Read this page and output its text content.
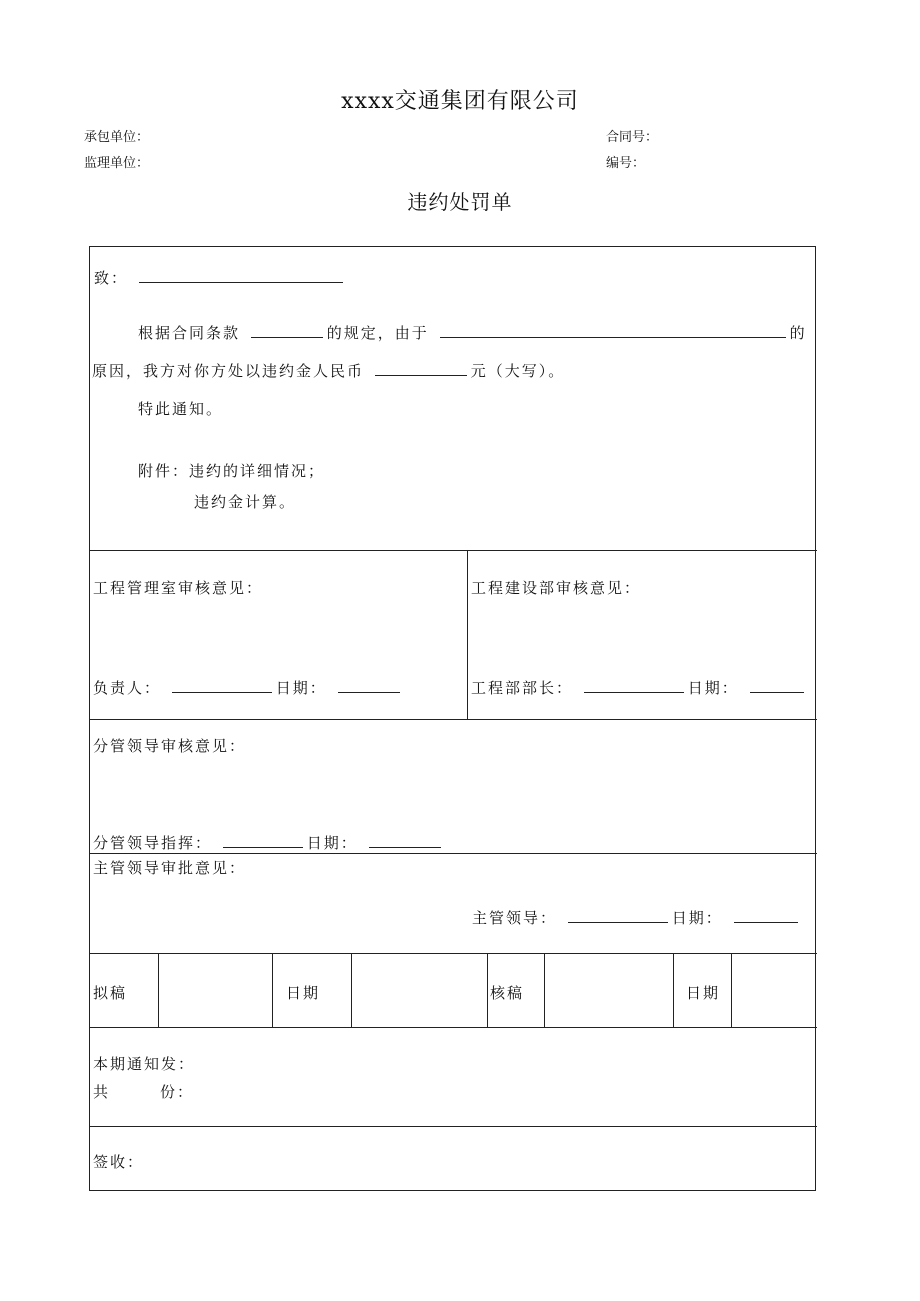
xxxx交通集团有限公司
承包单位：	合同号：
监理单位：	编号：
违约处罚单
致：
根据合同条款	的规定，由于	的
原因，我方对你方处以违约金人民币	元（大写）。
特此通知。
附件：违约的详细情况；
违约金计算。
工程管理室审核意见：	工程建设部审核意见：
负责人：	日期：	工程部部长：	日期：
分管领导审核意见：
分管领导指挥：	日期：
主管领导审批意见：
主管领导：	日期：
拟稿	日期	核稿	日期
本期通知发：
共	份：
签收：
